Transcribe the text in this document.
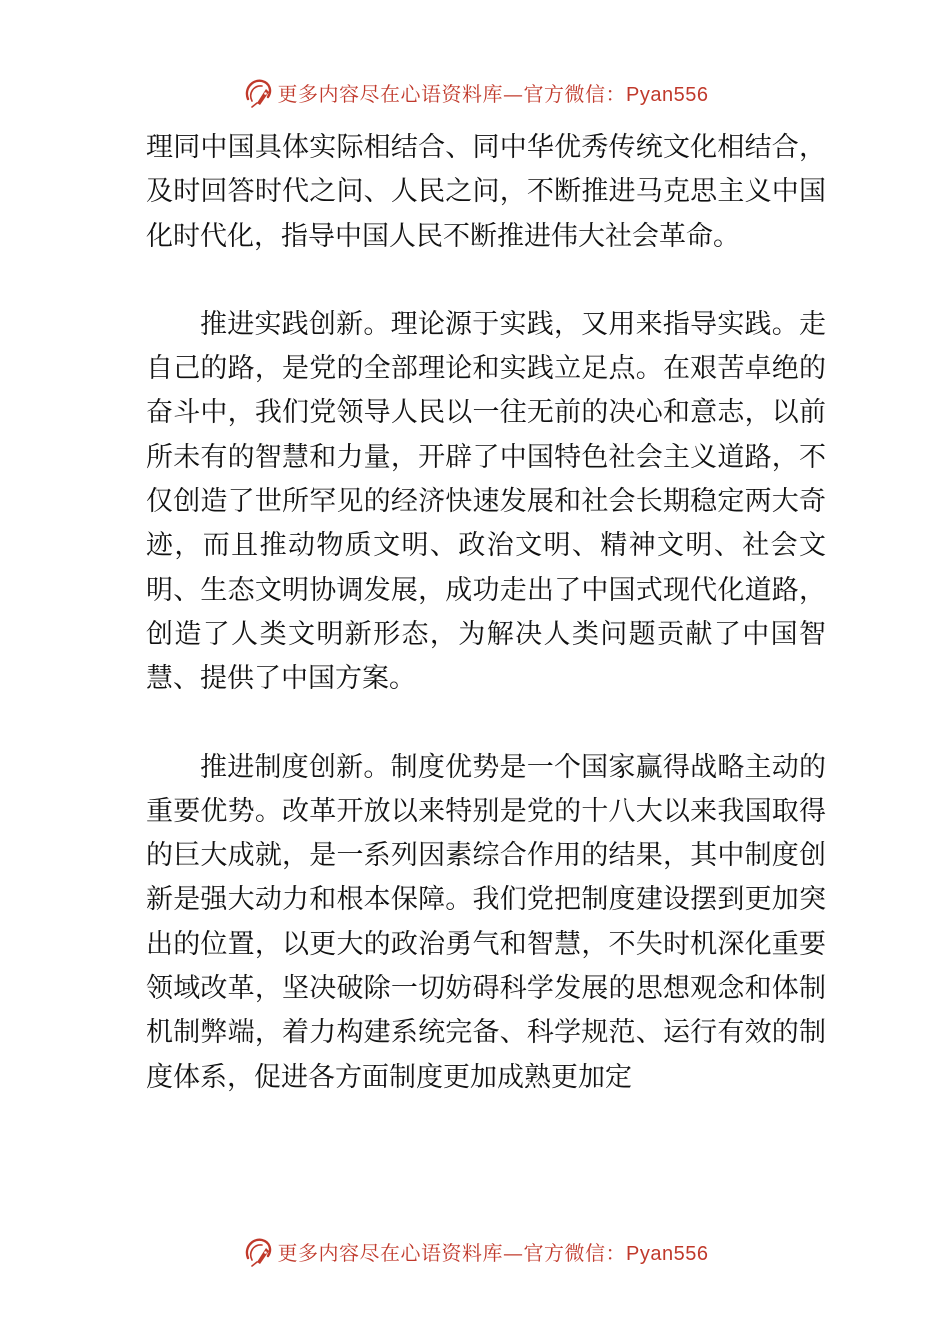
更多内容尽在心语资料库—官方微信：Pyan556

理同中国具体实际相结合、同中华优秀传统文化相结合，及时回答时代之问、人民之问，不断推进马克思主义中国化时代化，指导中国人民不断推进伟大社会革命。

推进实践创新。理论源于实践，又用来指导实践。走自己的路，是党的全部理论和实践立足点。在艰苦卓绝的奋斗中，我们党领导人民以一往无前的决心和意志，以前所未有的智慧和力量，开辟了中国特色社会主义道路，不仅创造了世所罕见的经济快速发展和社会长期稳定两大奇迹，而且推动物质文明、政治文明、精神文明、社会文明、生态文明协调发展，成功走出了中国式现代化道路，创造了人类文明新形态，为解决人类问题贡献了中国智慧、提供了中国方案。

推进制度创新。制度优势是一个国家赢得战略主动的重要优势。改革开放以来特别是党的十八大以来我国取得的巨大成就，是一系列因素综合作用的结果，其中制度创新是强大动力和根本保障。我们党把制度建设摆到更加突出的位置，以更大的政治勇气和智慧，不失时机深化重要领域改革，坚决破除一切妨碍科学发展的思想观念和体制机制弊端，着力构建系统完备、科学规范、运行有效的制度体系，促进各方面制度更加成熟更加定

更多内容尽在心语资料库—官方微信：Pyan556
